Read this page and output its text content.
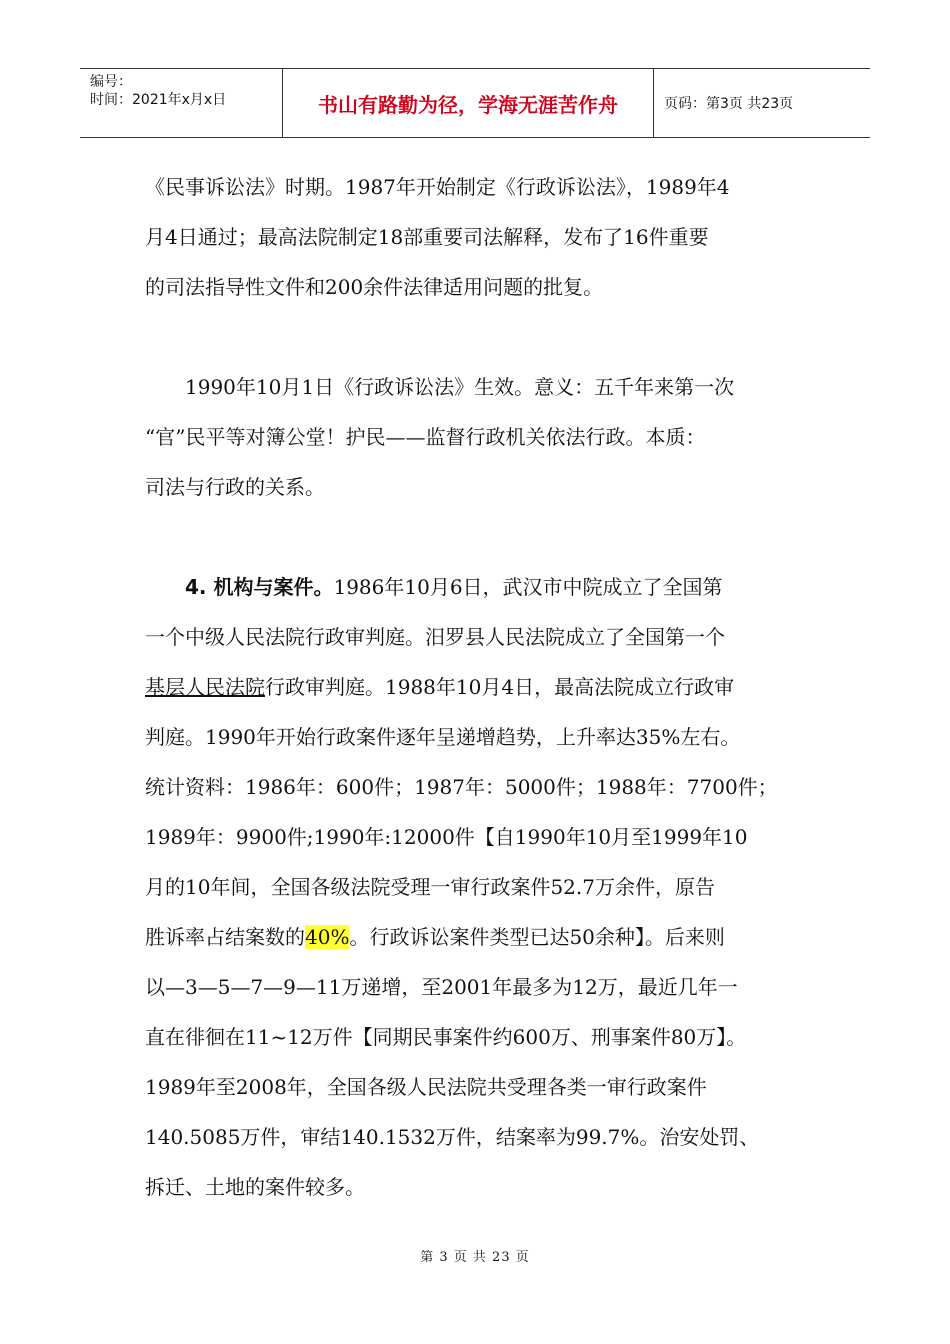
编号：
时间：2021年x月x日	书山有路勤为径，学海无涯苦作舟	页码：第3页 共23页

《民事诉讼法》时期。1987年开始制定《行政诉讼法》，1989年4

月4日通过；最高法院制定18部重要司法解释，发布了16件重要

的司法指导性文件和200余件法律适用问题的批复。

1990年10月1日《行政诉讼法》生效。意义：五千年来第一次

“官”民平等对簿公堂！护民——监督行政机关依法行政。本质：

司法与行政的关系。

4. 机构与案件。1986年10月6日，武汉市中院成立了全国第

一个中级人民法院行政审判庭。汨罗县人民法院成立了全国第一个

基层人民法院行政审判庭。1988年10月4日，最高法院成立行政审

判庭。1990年开始行政案件逐年呈递增趋势，上升率达35%左右。

统计资料：1986年：600件；1987年：5000件；1988年：7700件；

1989年：9900件;1990年:12000件【自1990年10月至1999年10

月的10年间，全国各级法院受理一审行政案件52.7万余件，原告

胜诉率占结案数的40%。行政诉讼案件类型已达50余种】。后来则

以—3—5—7—9—11万递增，至2001年最多为12万，最近几年一

直在徘徊在11~12万件【同期民事案件约600万、刑事案件80万】。

1989年至2008年，全国各级人民法院共受理各类一审行政案件

140.5085万件，审结140.1532万件，结案率为99.7%。治安处罚、

拆迁、土地的案件较多。

第 3 页 共 23 页
